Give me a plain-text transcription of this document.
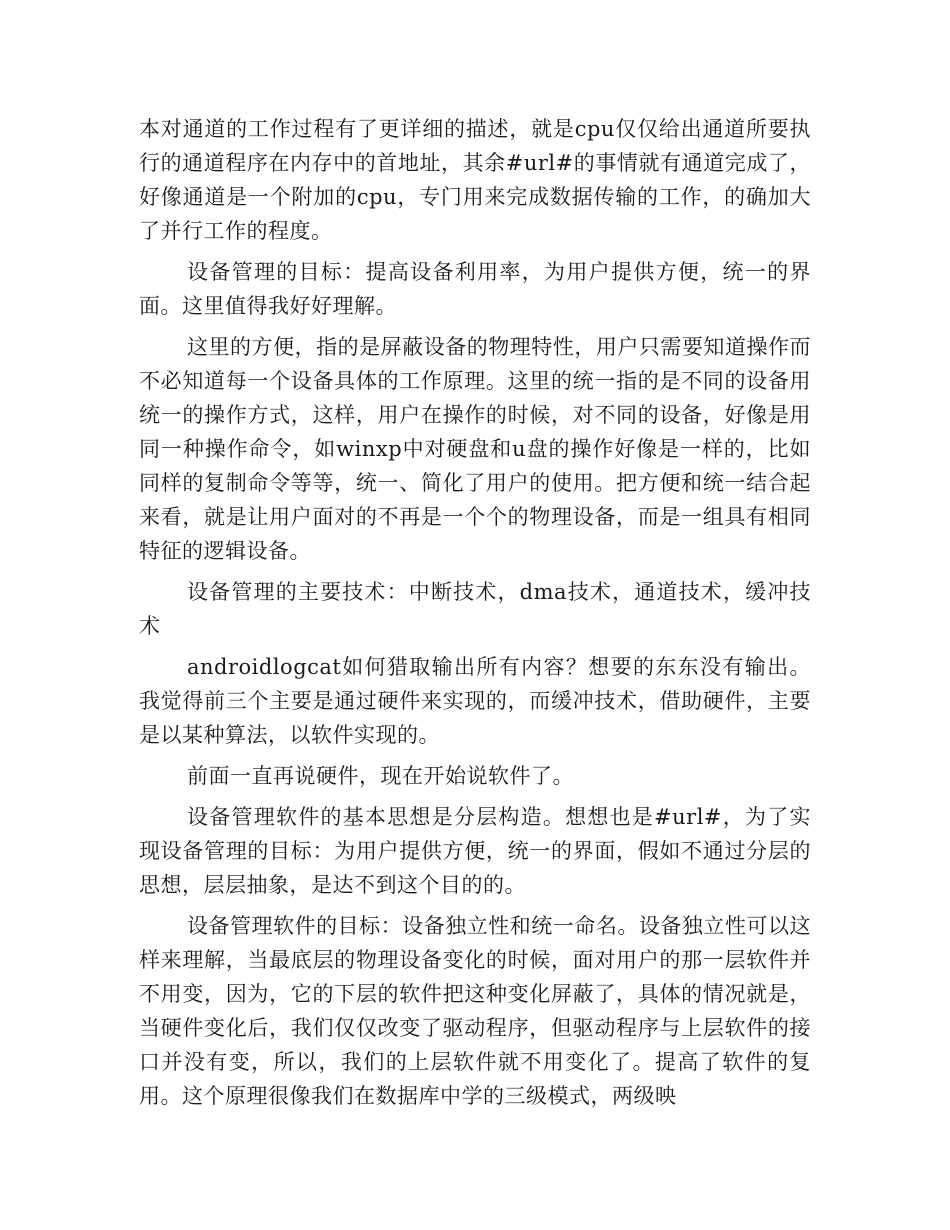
本对通道的工作过程有了更详细的描述，就是cpu仅仅给出通道所要执行的通道程序在内存中的首地址，其余#url#的事情就有通道完成了，好像通道是一个附加的cpu，专门用来完成数据传输的工作，的确加大了并行工作的程度。

设备管理的目标：提高设备利用率，为用户提供方便，统一的界面。这里值得我好好理解。

这里的方便，指的是屏蔽设备的物理特性，用户只需要知道操作而不必知道每一个设备具体的工作原理。这里的统一指的是不同的设备用统一的操作方式，这样，用户在操作的时候，对不同的设备，好像是用同一种操作命令，如winxp中对硬盘和u盘的操作好像是一样的，比如同样的复制命令等等，统一、简化了用户的使用。把方便和统一结合起来看，就是让用户面对的不再是一个个的物理设备，而是一组具有相同特征的逻辑设备。

设备管理的主要技术：中断技术，dma技术，通道技术，缓冲技术

androidlogcat如何猎取输出所有内容？想要的东东没有输出。我觉得前三个主要是通过硬件来实现的，而缓冲技术，借助硬件，主要是以某种算法，以软件实现的。

前面一直再说硬件，现在开始说软件了。

设备管理软件的基本思想是分层构造。想想也是#url#，为了实现设备管理的目标：为用户提供方便，统一的界面，假如不通过分层的思想，层层抽象，是达不到这个目的的。

设备管理软件的目标：设备独立性和统一命名。设备独立性可以这样来理解，当最底层的物理设备变化的时候，面对用户的那一层软件并不用变，因为，它的下层的软件把这种变化屏蔽了，具体的情况就是，当硬件变化后，我们仅仅改变了驱动程序，但驱动程序与上层软件的接口并没有变，所以，我们的上层软件就不用变化了。提高了软件的复用。这个原理很像我们在数据库中学的三级模式，两级映
